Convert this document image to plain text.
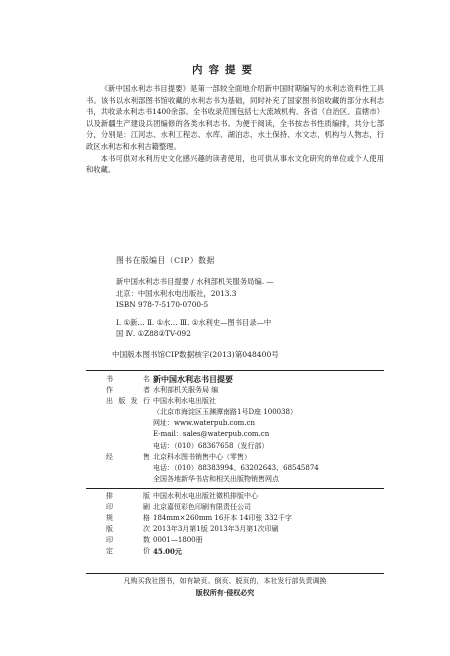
内容提要

《新中国水利志书目提要》是第一部较全面地介绍新中国时期编写的水利志资料性工具书。该书以水利部图书馆收藏的水利志书为基础，同时补充了国家图书馆收藏的部分水利志书，共收录水利志书1400余部。全书收录范围包括七大流域机构、各省（自治区、直辖市）以及新疆生产建设兵团编修的各类水利志书。为便于阅读，全书按志书性质编排，共分七部分，分别是：江河志、水利工程志、水库、湖泊志、水土保持、水文志，机构与人物志，行政区水利志和水利古籍整理。

本书可供对水利历史文化感兴趣的读者使用，也可供从事水文化研究的单位或个人使用和收藏。

图书在版编目（CIP）数据
新中国水利志书目提要 / 水利部机关服务局编. —
北京：中国水利水电出版社，2013.3
ISBN 978-7-5170-0700-5
Ⅰ. ①新… Ⅱ. ①水… Ⅲ. ①水利史—图书目录—中
国 Ⅳ. ①Z88②TV-092
中国版本图书馆CIP数据核字(2013)第048400号
书名 新中国水利志书目提要
作者 水利部机关服务局 编
出版发行 中国水利水电出版社
（北京市海淀区玉渊潭南路1号D座 100038）
网址：www.waterpub.com.cn
E-mail：sales@waterpub.com.cn
电话：（010）68367658（发行部）
经售 北京科水图书销售中心（零售）
电话：（010）88383994、63202643、68545874
全国各地新华书店和相关出版物销售网点
排版 中国水利水电出版社微机排版中心
印刷 北京嘉恒彩色印刷有限责任公司
规格 184mm×260mm 16开本 14印张 332千字
版次 2013年3月第1版 2013年3月第1次印刷
印数 0001—1800册
定价 45.00元
凡购买我社图书，如有缺页、倒页、脱页的，本社发行部负责调换
版权所有·侵权必究
